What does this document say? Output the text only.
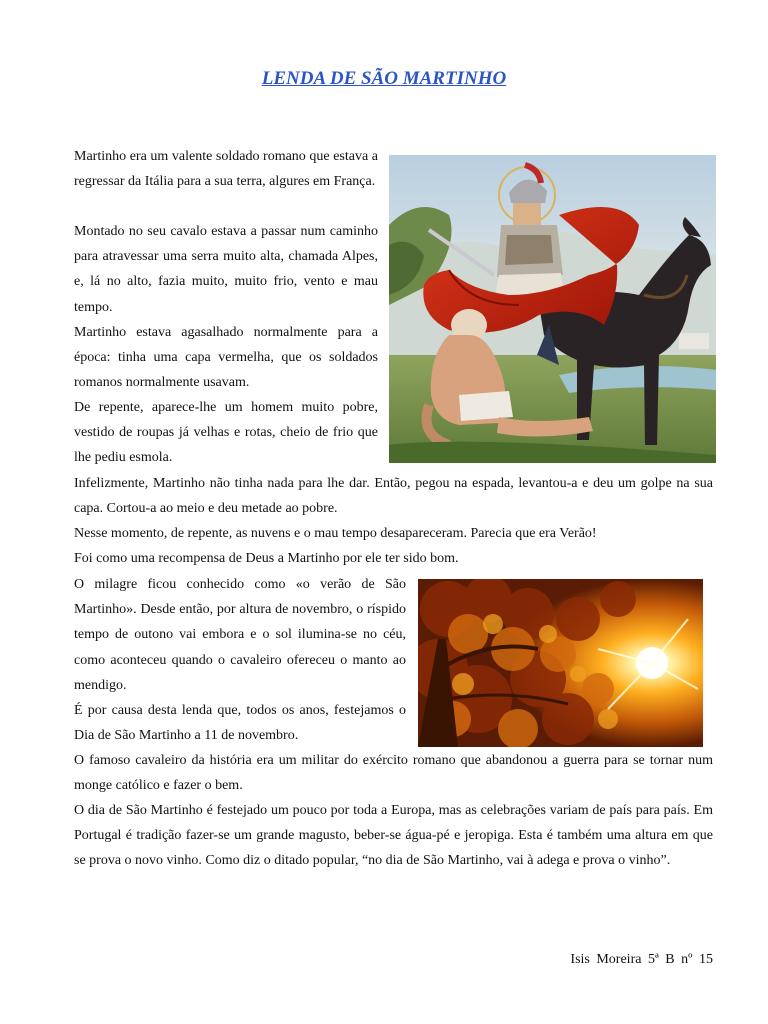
LENDA DE SÃO MARTINHO

Martinho era um valente soldado romano que estava a regressar da Itália para a sua terra, algures em França.

Montado no seu cavalo estava a passar num caminho para atravessar uma serra muito alta, chamada Alpes, e, lá no alto, fazia muito, muito frio, vento e mau tempo.

Martinho estava agasalhado normalmente para a época: tinha uma capa vermelha, que os soldados romanos normalmente usavam.

De repente, aparece-lhe um homem muito pobre, vestido de roupas já velhas e rotas, cheio de frio que lhe pediu esmola.

Infelizmente, Martinho não tinha nada para lhe dar. Então, pegou na espada, levantou-a e deu um golpe na sua capa. Cortou-a ao meio e deu metade ao pobre.

Nesse momento, de repente, as nuvens e o mau tempo desapareceram. Parecia que era Verão!

Foi como uma recompensa de Deus a Martinho por ele ter sido bom.

O milagre ficou conhecido como «o verão de São Martinho». Desde então, por altura de novembro, o ríspido tempo de outono vai embora e o sol ilumina-se no céu, como aconteceu quando o cavaleiro ofereceu o manto ao mendigo.

É por causa desta lenda que, todos os anos, festejamos o Dia de São Martinho a 11 de novembro.

O famoso cavaleiro da história era um militar do exército romano que abandonou a guerra para se tornar num monge católico e fazer o bem.

O dia de São Martinho é festejado um pouco por toda a Europa, mas as celebrações variam de país para país. Em Portugal é tradição fazer-se um grande magusto, beber-se água-pé e jeropiga. Esta é também uma altura em que se prova o novo vinho. Como diz o ditado popular, “no dia de São Martinho, vai à adega e prova o vinho”.

Isis Moreira 5ª B nº 15
